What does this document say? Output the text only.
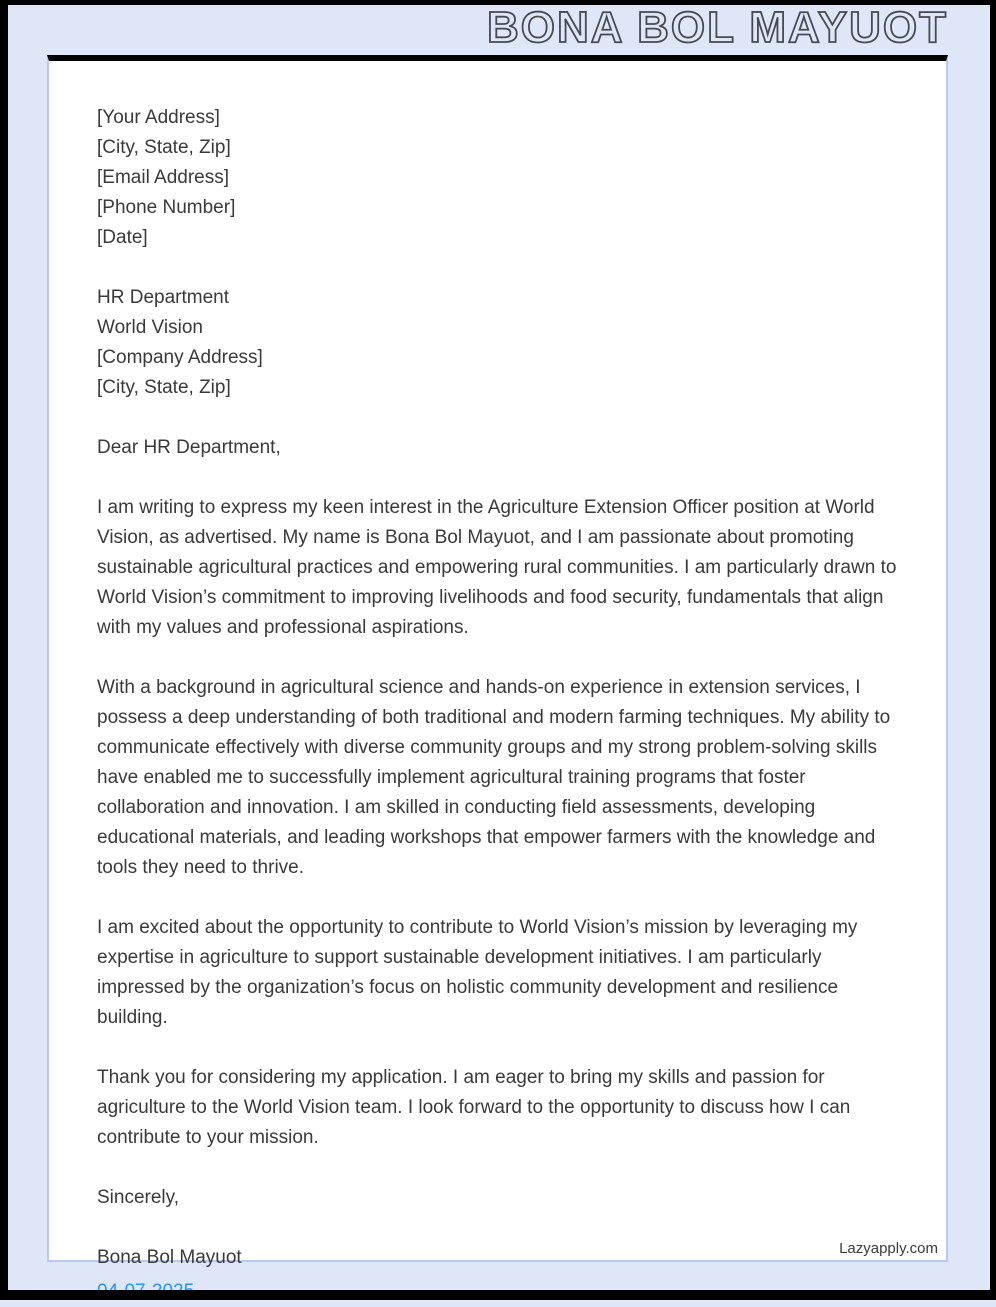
BONA BOL MAYUOT
[Your Address]
[City, State, Zip]
[Email Address]
[Phone Number]
[Date]
HR Department
World Vision
[Company Address]
[City, State, Zip]
Dear HR Department,

I am writing to express my keen interest in the Agriculture Extension Officer position at World Vision, as advertised. My name is Bona Bol Mayuot, and I am passionate about promoting sustainable agricultural practices and empowering rural communities. I am particularly drawn to World Vision’s commitment to improving livelihoods and food security, fundamentals that align with my values and professional aspirations.

With a background in agricultural science and hands-on experience in extension services, I possess a deep understanding of both traditional and modern farming techniques. My ability to communicate effectively with diverse community groups and my strong problem-solving skills have enabled me to successfully implement agricultural training programs that foster collaboration and innovation. I am skilled in conducting field assessments, developing educational materials, and leading workshops that empower farmers with the knowledge and tools they need to thrive.

I am excited about the opportunity to contribute to World Vision’s mission by leveraging my expertise in agriculture to support sustainable development initiatives. I am particularly impressed by the organization’s focus on holistic community development and resilience building.

Thank you for considering my application. I am eager to bring my skills and passion for agriculture to the World Vision team. I look forward to the opportunity to discuss how I can contribute to your mission.

Sincerely,
Bona Bol Mayuot
04-07-2025
Lazyapply.com
